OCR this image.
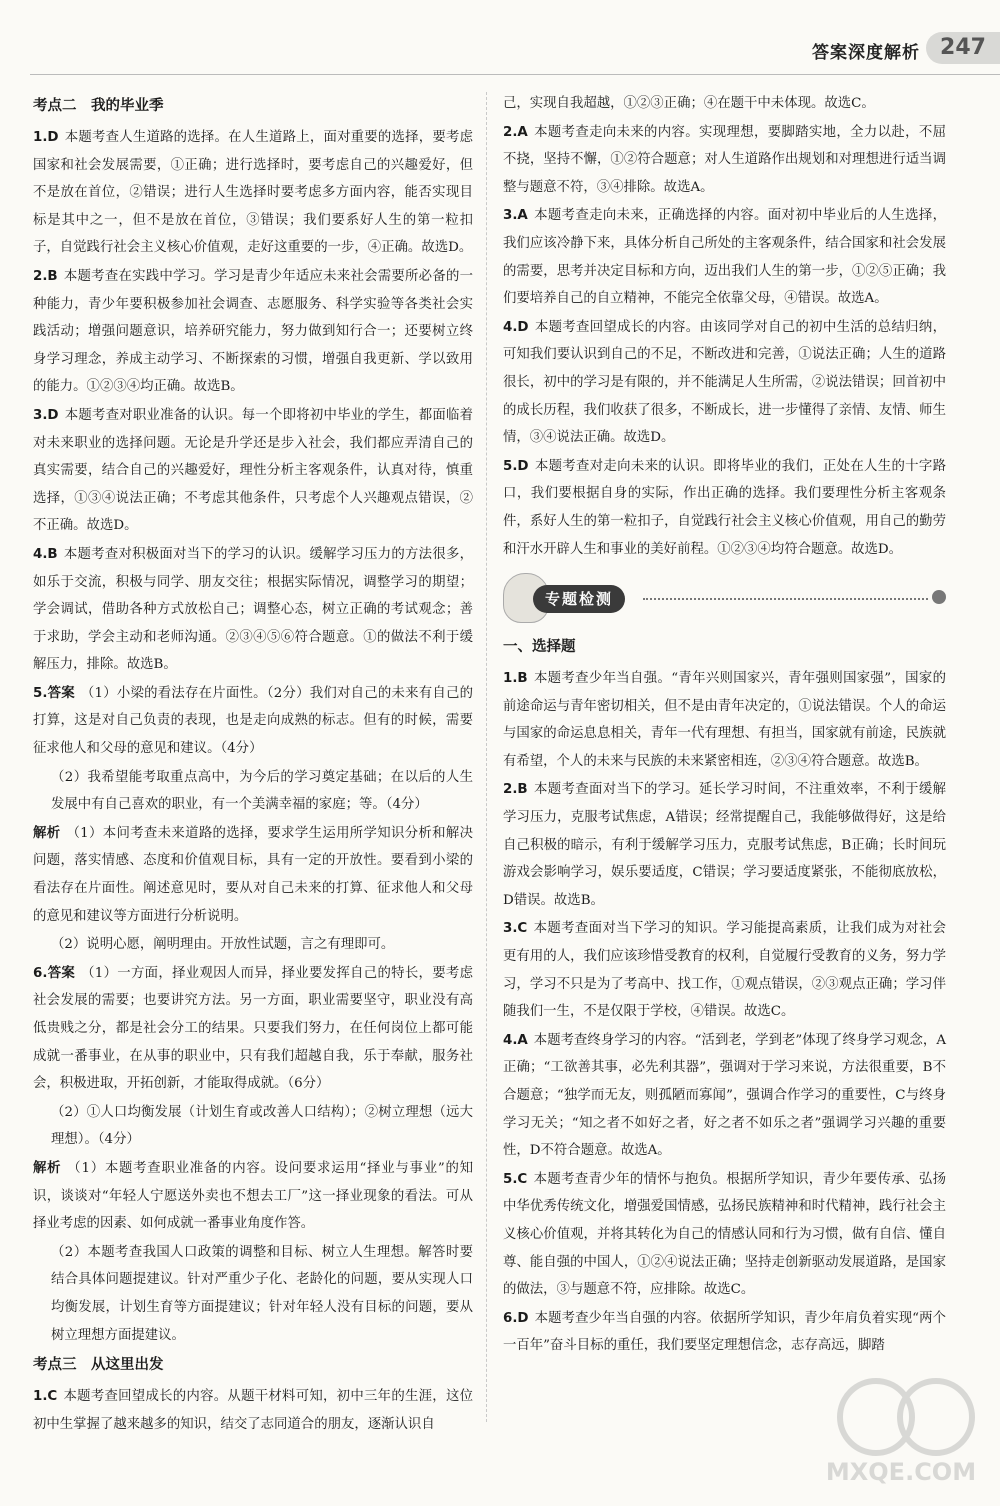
答案深度解析 247
考点二　我的毕业季

1.D 本题考查人生道路的选择。在人生道路上，面对重要的选择，要考虑国家和社会发展需要，①正确；进行选择时，要考虑自己的兴趣爱好，但不是放在首位，②错误；进行人生选择时要考虑多方面内容，能否实现目标是其中之一，但不是放在首位，③错误；我们要系好人生的第一粒扣子，自觉践行社会主义核心价值观，走好这重要的一步，④正确。故选D。

2.B 本题考查在实践中学习。学习是青少年适应未来社会需要所必备的一种能力，青少年要积极参加社会调查、志愿服务、科学实验等各类社会实践活动；增强问题意识，培养研究能力，努力做到知行合一；还要树立终身学习理念，养成主动学习、不断探索的习惯，增强自我更新、学以致用的能力。①②③④均正确。故选B。

3.D 本题考查对职业准备的认识。每一个即将初中毕业的学生，都面临着对未来职业的选择问题。无论是升学还是步入社会，我们都应弄清自己的真实需要，结合自己的兴趣爱好，理性分析主客观条件，认真对待，慎重选择，①③④说法正确；不考虑其他条件，只考虑个人兴趣观点错误，②不正确。故选D。

4.B 本题考查对积极面对当下的学习的认识。缓解学习压力的方法很多，如乐于交流，积极与同学、朋友交往；根据实际情况，调整学习的期望；学会调试，借助各种方式放松自己；调整心态，树立正确的考试观念；善于求助，学会主动和老师沟通。②③④⑤⑥符合题意。①的做法不利于缓解压力，排除。故选B。

5.答案 （1）小梁的看法存在片面性。（2分）我们对自己的未来有自己的打算，这是对自己负责的表现，也是走向成熟的标志。但有的时候，需要征求他人和父母的意见和建议。（4分）

（2）我希望能考取重点高中，为今后的学习奠定基础；在以后的人生发展中有自己喜欢的职业，有一个美满幸福的家庭；等。（4分）

解析 （1）本问考查未来道路的选择，要求学生运用所学知识分析和解决问题，落实情感、态度和价值观目标，具有一定的开放性。要看到小梁的看法存在片面性。阐述意见时，要从对自己未来的打算、征求他人和父母的意见和建议等方面进行分析说明。

（2）说明心愿，阐明理由。开放性试题，言之有理即可。

6.答案 （1）一方面，择业观因人而异，择业要发挥自己的特长，要考虑社会发展的需要；也要讲究方法。另一方面，职业需要坚守，职业没有高低贵贱之分，都是社会分工的结果。只要我们努力，在任何岗位上都可能成就一番事业，在从事的职业中，只有我们超越自我，乐于奉献，服务社会，积极进取，开拓创新，才能取得成就。（6分）

（2）①人口均衡发展（计划生育或改善人口结构）；②树立理想（远大理想）。（4分）

解析 （1）本题考查职业准备的内容。设问要求运用“择业与事业”的知识，谈谈对“年轻人宁愿送外卖也不想去工厂”这一择业现象的看法。可从择业考虑的因素、如何成就一番事业角度作答。

（2）本题考查我国人口政策的调整和目标、树立人生理想。解答时要结合具体问题提建议。针对严重少子化、老龄化的问题，要从实现人口均衡发展，计划生育等方面提建议；针对年轻人没有目标的问题，要从树立理想方面提建议。

考点三　从这里出发

1.C 本题考查回望成长的内容。从题干材料可知，初中三年的生涯，这位初中生掌握了越来越多的知识，结交了志同道合的朋友，逐渐认识自

己，实现自我超越，①②③正确；④在题干中未体现。故选C。

2.A 本题考查走向未来的内容。实现理想，要脚踏实地，全力以赴，不屈不挠，坚持不懈，①②符合题意；对人生道路作出规划和对理想进行适当调整与题意不符，③④排除。故选A。

3.A 本题考查走向未来，正确选择的内容。面对初中毕业后的人生选择，我们应该冷静下来，具体分析自己所处的主客观条件，结合国家和社会发展的需要，思考并决定目标和方向，迈出我们人生的第一步，①②⑤正确；我们要培养自己的自立精神，不能完全依靠父母，④错误。故选A。

4.D 本题考查回望成长的内容。由该同学对自己的初中生活的总结归纳，可知我们要认识到自己的不足，不断改进和完善，①说法正确；人生的道路很长，初中的学习是有限的，并不能满足人生所需，②说法错误；回首初中的成长历程，我们收获了很多，不断成长，进一步懂得了亲情、友情、师生情，③④说法正确。故选D。

5.D 本题考查对走向未来的认识。即将毕业的我们，正处在人生的十字路口，我们要根据自身的实际，作出正确的选择。我们要理性分析主客观条件，系好人生的第一粒扣子，自觉践行社会主义核心价值观，用自己的勤劳和汗水开辟人生和事业的美好前程。①②③④均符合题意。故选D。

专题检测
一、选择题

1.B 本题考查少年当自强。“青年兴则国家兴，青年强则国家强”，国家的前途命运与青年密切相关，但不是由青年决定的，①说法错误。个人的命运与国家的命运息息相关，青年一代有理想、有担当，国家就有前途，民族就有希望，个人的未来与民族的未来紧密相连，②③④符合题意。故选B。

2.B 本题考查面对当下的学习。延长学习时间，不注重效率，不利于缓解学习压力，克服考试焦虑，A错误；经常提醒自己，我能够做得好，这是给自己积极的暗示，有利于缓解学习压力，克服考试焦虑，B正确；长时间玩游戏会影响学习，娱乐要适度，C错误；学习要适度紧张，不能彻底放松，D错误。故选B。

3.C 本题考查面对当下学习的知识。学习能提高素质，让我们成为对社会更有用的人，我们应该珍惜受教育的权利，自觉履行受教育的义务，努力学习，学习不只是为了考高中、找工作，①观点错误，②③观点正确；学习伴随我们一生，不是仅限于学校，④错误。故选C。

4.A 本题考查终身学习的内容。“活到老，学到老”体现了终身学习观念，A正确；“工欲善其事，必先利其器”，强调对于学习来说，方法很重要，B不合题意；“独学而无友，则孤陋而寡闻”，强调合作学习的重要性，C与终身学习无关；“知之者不如好之者，好之者不如乐之者”强调学习兴趣的重要性，D不符合题意。故选A。

5.C 本题考查青少年的情怀与抱负。根据所学知识，青少年要传承、弘扬中华优秀传统文化，增强爱国情感，弘扬民族精神和时代精神，践行社会主义核心价值观，并将其转化为自己的情感认同和行为习惯，做有自信、懂自尊、能自强的中国人，①②④说法正确；坚持走创新驱动发展道路，是国家的做法，③与题意不符，应排除。故选C。

6.D 本题考查少年当自强的内容。依据所学知识，青少年肩负着实现“两个一百年”奋斗目标的重任，我们要坚定理想信念，志存高远，脚踏

MXQE.COM
